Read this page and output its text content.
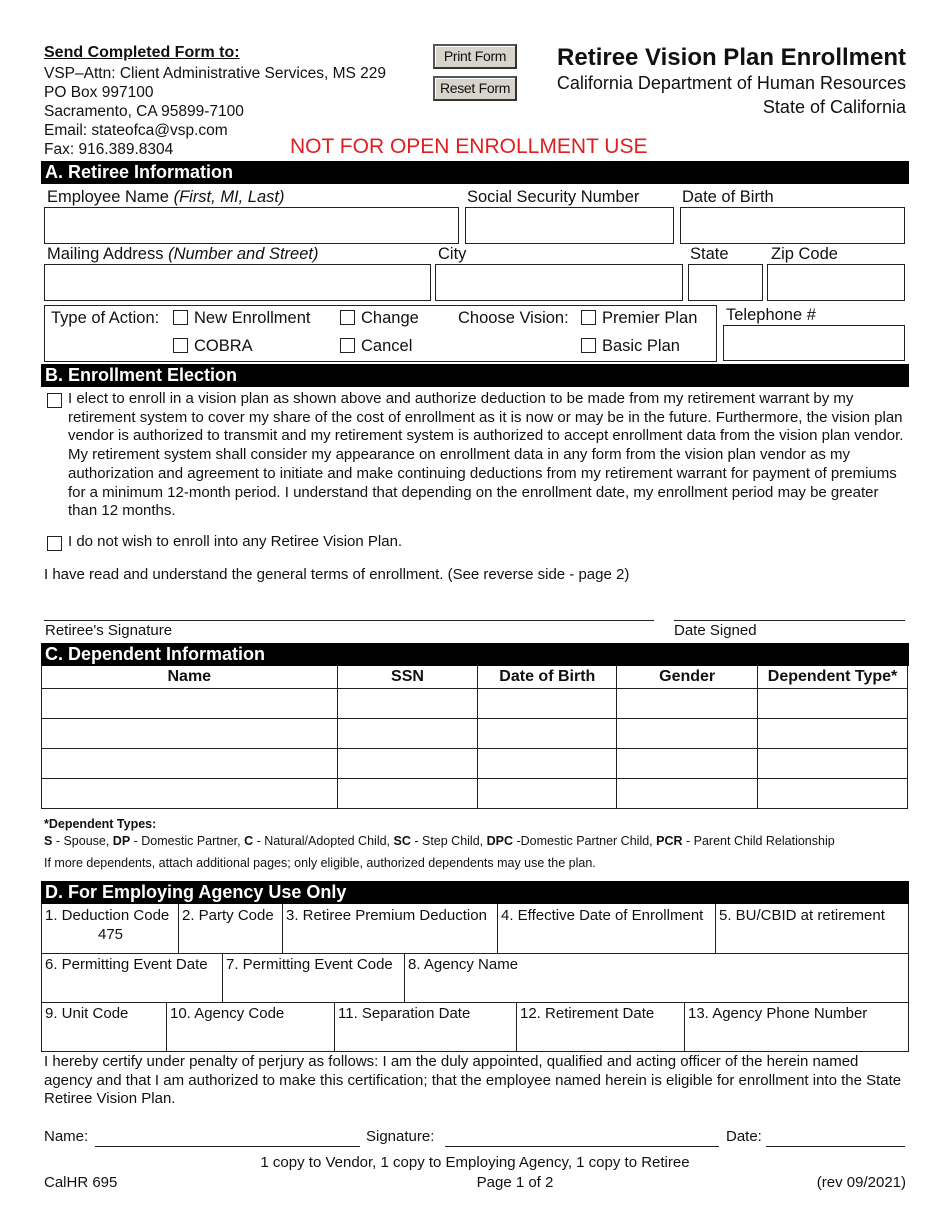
Send Completed Form to:
VSP–Attn: Client Administrative Services, MS 229
PO Box 997100
Sacramento, CA 95899-7100
Email: stateofca@vsp.com
Fax: 916.389.8304
Print Form
Reset Form
Retiree Vision Plan Enrollment
California Department of Human Resources
State of California
NOT FOR OPEN ENROLLMENT USE
A. Retiree Information
Employee Name (First, MI, Last)	Social Security Number	Date of Birth
Mailing Address (Number and Street)	City	State	Zip Code
Type of Action:	New Enrollment	Change
COBRA	Cancel
Choose Vision:	Premier Plan
Basic Plan
Telephone #
B. Enrollment Election
I elect to enroll in a vision plan as shown above and authorize deduction to be made from my retirement warrant by my retirement system to cover my share of the cost of enrollment as it is now or may be in the future. Furthermore, the vision plan vendor is authorized to transmit and my retirement system is authorized to accept enrollment data from the vision plan vendor. My retirement system shall consider my appearance on enrollment data in any form from the vision plan vendor as my authorization and agreement to initiate and make continuing deductions from my retirement warrant for payment of premiums for a minimum 12-month period. I understand that depending on the enrollment date, my enrollment period may be greater than 12 months.
I do not wish to enroll into any Retiree Vision Plan.
I have read and understand the general terms of enrollment. (See reverse side - page 2)
Retiree's Signature	Date Signed
C. Dependent Information
Name	SSN	Date of Birth	Gender	Dependent Type*

*Dependent Types:
S - Spouse, DP - Domestic Partner, C - Natural/Adopted Child, SC - Step Child, DPC -Domestic Partner Child, PCR - Parent Child Relationship
If more dependents, attach additional pages; only eligible, authorized dependents may use the plan.
D. For Employing Agency Use Only
1. Deduction Code
475
	2. Party Code	3. Retiree Premium Deduction	4. Effective Date of Enrollment	5. BU/CBID at retirement
6. Permitting Event Date	7. Permitting Event Code	8. Agency Name
9. Unit Code	10. Agency Code	11. Separation Date	12. Retirement Date	13. Agency Phone Number
I hereby certify under penalty of perjury as follows: I am the duly appointed, qualified and acting officer of the herein named agency and that I am authorized to make this certification; that the employee named herein is eligible for enrollment into the State Retiree Vision Plan.
Name:	Signature:	Date:
1 copy to Vendor, 1 copy to Employing Agency, 1 copy to Retiree
CalHR 695	Page 1 of 2	(rev 09/2021)
